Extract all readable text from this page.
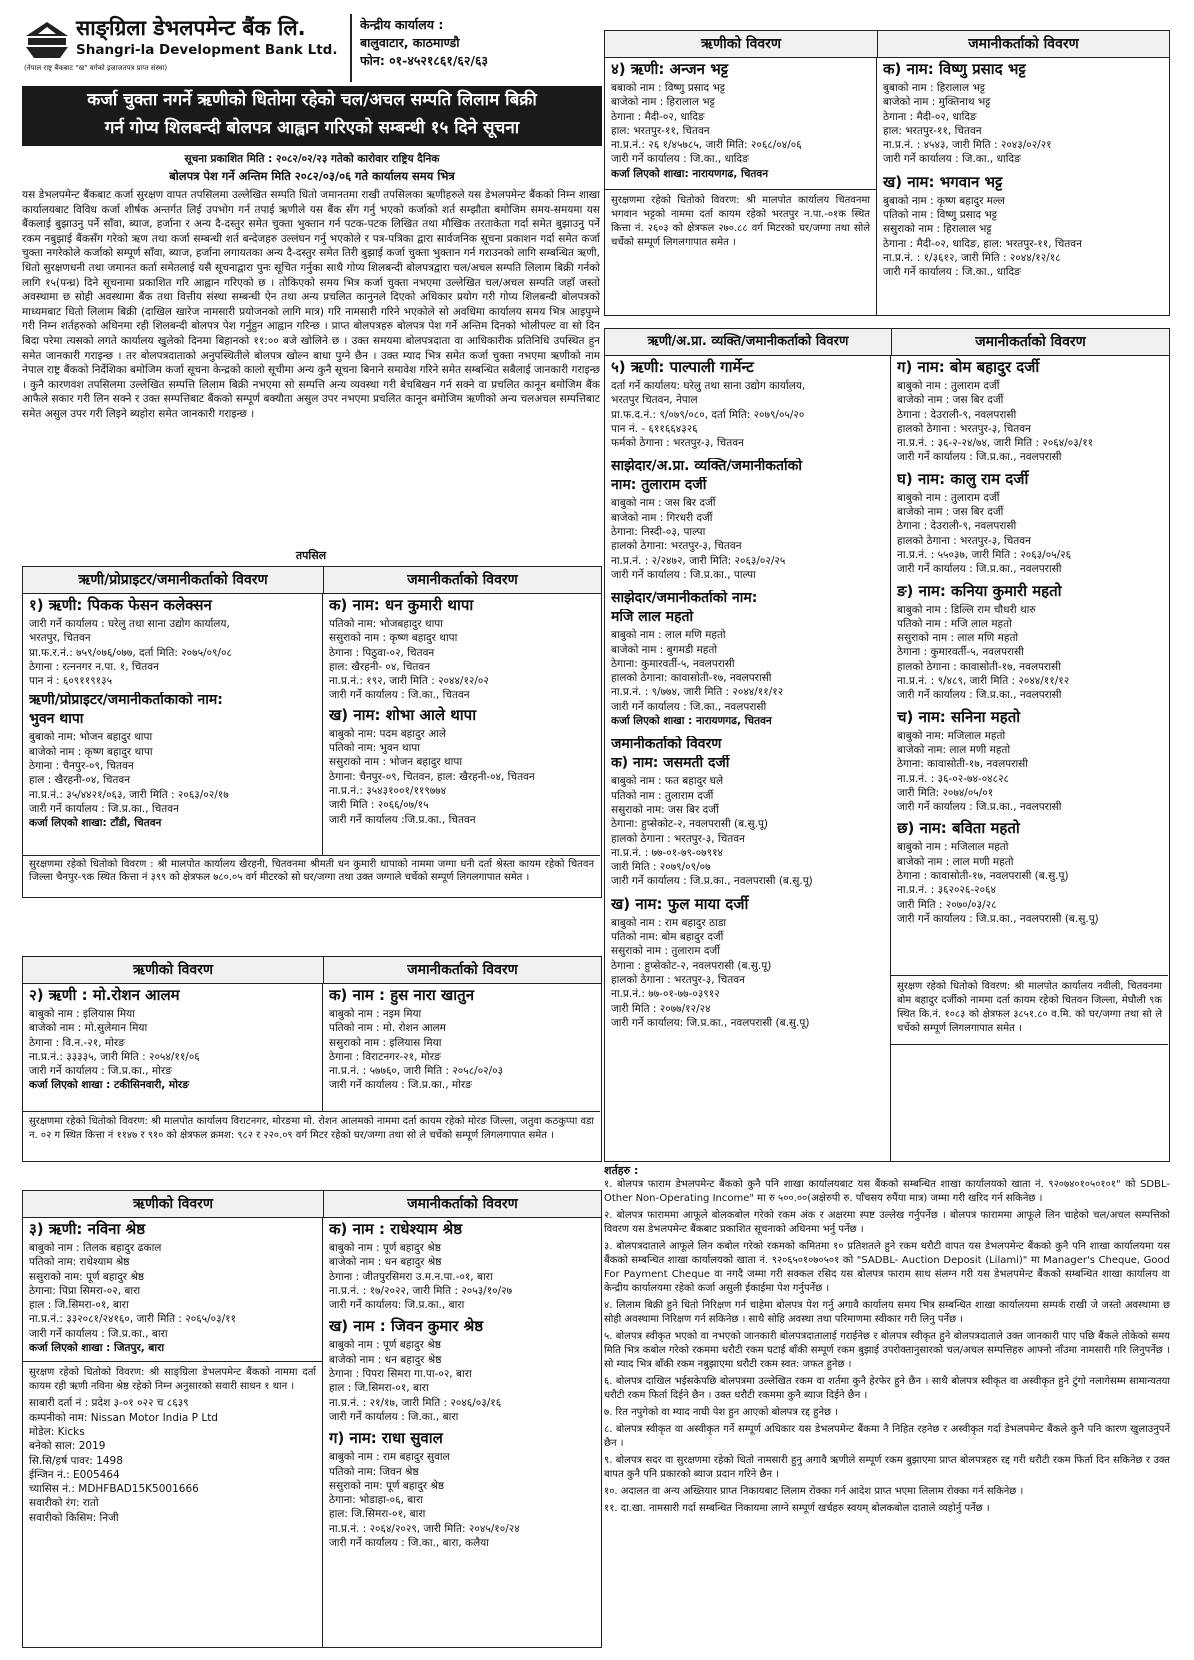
साङ्ग्रिला डेभलपमेन्ट बैंक लि.
Shangri-la Development Bank Ltd.
(नेपाल राष्ट्र बैंकबाट "ख" वर्गको इजाजतपत्र प्राप्त संस्था)
केन्द्रीय कार्यालय :
बालुवाटार, काठमाण्डौ
फोन: ०१-४५२१८६१/६२/६३
कर्जा चुक्ता नगर्ने ऋणीको धितोमा रहेको चल/अचल सम्पति लिलाम बिक्री
गर्न गोप्य शिलबन्दी बोलपत्र आह्वान गरिएको सम्बन्धी १५ दिने सूचना
सूचना प्रकाशित मिति : २०८२/०२/२३ गतेको कारोवार राष्ट्रिय दैनिक
बोलपत्र पेश गर्ने अन्तिम मिति २०८२/०३/०६ गते कार्यालय समय भित्र
यस डेभलपमेन्ट बैंकबाट कर्जा सुरक्षण वापत तपसिलमा उल्लेखित सम्पति धितो जमानतमा राखी तपसिलका ऋणीहरुले यस डेभलपमेन्ट बैंकको निम्न शाखा कार्यालयबाट विविध कर्जा शीर्षक अन्तर्गत लिई उपभोग गर्न तपाई ऋणीले यस बैंक सँग गर्नु भएको कर्जाको शर्त सम्झौता बमोजिम समय-समयमा यस बैंकलाई बुझाउनु पर्ने साँवा, ब्याज, हर्जाना र अन्य दै-दस्तुर समेत चुक्ता भुक्तान गर्न पटक-पटक लिखित तथा मौखिक तरताकेता गर्दा समेत बुझाउनु पर्ने रकम नबुझाई बैंकसँग गरेको ऋण तथा कर्जा सम्बन्धी शर्त बन्देजहरु उल्लंघन गर्नु भएकोले र पत्र-पत्रिका द्वारा सार्वजनिक सूचना प्रकाशन गर्दा समेत कर्जा चुक्ता नगरेकोले कर्जाको सम्पूर्ण साँवा, ब्याज, हर्जाना लगायतका अन्य दै-दस्तुर समेत तिरी बुझाई कर्जा चुक्ता भुक्तान गर्न गराउनको लागि सम्बन्धित ऋणी, धितो सुरक्षणधनी तथा जमानत कर्ता समेतलाई यसै सूचनाद्वारा पुनः सूचित गर्नुका साथै गोप्य शिलबन्दी बोलपत्रद्वारा चल/अचल सम्पति लिलाम बिक्री गर्नको लागि १५(पन्ध्र) दिने सूचनामा प्रकाशित गरि आह्वान गरिएको छ । तोकिएको समय भित्र कर्जा चुक्ता नभएमा उल्लेखित चल/अचल सम्पति जहाँ जस्तो अवस्थामा छ सोही अवस्थामा बैंक तथा वित्तीय संस्था सम्बन्धी ऐन तथा अन्य प्रचलित कानुनले दिएको अधिकार प्रयोग गरी गोप्य शिलबन्दी बोलपत्रको माध्यमबाट धितो लिलाम बिक्री (दाखिल खारेज नामसारी प्रयोजनको लागि मात्र) गरि नामसारी गरिने भएकोले सो अवधिमा कार्यालय समय भित्र आइपुग्ने गरी निम्न शर्तहरुको अधिनमा रही शिलबन्दी बोलपत्र पेश गर्नुहुन आह्वान गरिन्छ । प्राप्त बोलपत्रहरु बोलपत्र पेश गर्ने अन्तिम दिनको भोलीपल्ट वा सो दिन बिदा परेमा त्यसको लगते कार्यालय खुलेको दिनमा बिहानको ११:०० बजे खोलिने छ । उक्त समयमा बोलपत्रदाता वा आधिकारीक प्रतिनिधि उपस्थित हुन समेत जानकारी गराइन्छ । तर बोलपत्रदाताको अनुपस्थितीले बोलपत्र खोल्न बाधा पुग्ने छैन । उक्त म्याद भित्र समेत कर्जा चुक्ता नभएमा ऋणीको नाम नेपाल राष्ट्र बैंकको निर्देशिका बमोजिम कर्जा सूचना केन्द्रको कालो सूचीमा अन्य कुनै सूचना बिनाने समावेश गरिने समेत सम्बन्धित सबैलाई जानकारी गराइन्छ । कुनै कारणवश तपसिलमा उल्लेखित सम्पत्ति लिलाम बिक्री नभएमा सो सम्पत्ति अन्य व्यवस्था गरी बेचबिखन गर्न सक्ने वा प्रचलित कानून बमोजिम बैंक आफैले सकार गरी लिन सक्ने र उक्त सम्पत्तिबाट बैंकको सम्पूर्ण बक्यौता असुल उपर नभएमा प्रचलित कानून बमोजिम ऋणीको अन्य चलअचल सम्पत्तिबाट समेत असुल उपर गरी लिइने ब्यहोरा समेत जानकारी गराइन्छ ।
तपसिल
ऋणी/प्रोप्राइटर/जमानीकर्ताको विवरण	जमानीकर्ताको विवरण
१) ऋणी: पिकक फेसन कलेक्सन
जारी गर्ने कार्यालय : घरेलु तथा साना उद्योग कार्यालय,
भरतपुर, चितवन
प्रा.फ.र.नं.: ७५९/०७६/०७७, दर्ता मिति: २०७५/०९/०८
ठेगाना : रत्ननगर न.पा. १, चितवन
पान नं : ६०९११९१३५
ऋणी/प्रोप्राइटर/जमानीकर्ताकाको नाम:
भुवन थापा
बुबाको नाम: भोजन बहादुर थापा
बाजेको नाम : कृष्ण बहादुर थापा
ठेगाना : चैनपुर-०९, चितवन
हाल : खैरहनी-०४, चितवन
ना.प्र.नं.: ३५/४४२१/०६३, जारी मिति : २०६३/०२/१७
जारी गर्ने कार्यालय : जि.प्र.का., चितवन
कर्जा लिएको शाखा: टाँडी, चितवन
क) नाम: धन कुमारी थापा
पतिको नाम: भोजबहादुर थापा
ससुराको नाम : कृष्ण बहादुर थापा
ठेगाना : पिठुवा-०२, चितवन
हाल: खैरहनी- ०४, चितवन
ना.प्र.नं.: १९२, जारी मिति : २०४४/१२/०२
जारी गर्ने कार्यालय : जि.का., चितवन
ख) नाम: शोभा आले थापा
बाबुको नाम: पदम बहादुर आले
पतिको नाम: भुवन थापा
ससुराको नाम : भोजन बहादुर थापा
ठेगाना: चैनपुर-०९, चितवन, हाल: खैरहनी-०४, चितवन
ना.प्र.नं.: ३५४३१००१/११९७७४
जारी मिति : २०६६/०७/१५
जारी गर्ने कार्यालय :जि.प्र.का., चितवन
सुरक्षणमा रहेको धितोको विवरण : श्री मालपोत कार्यालय खैरहनी, चितवनमा श्रीमती धन कुमारी थापाको नाममा जग्गा धनी दर्ता श्रेस्ता कायम रहेको चितवन जिल्ला चैनपुर-९क स्थित कित्ता नं ३९९ को क्षेत्रफल ७८०.०५ वर्ग मीटरको सो घर/जग्गा तथा उक्त जग्गाले चर्चेको सम्पूर्ण लिगलगापात समेत ।
ऋणीको विवरण	जमानीकर्ताको विवरण
२) ऋणी : मो.रोशन आलम
बाबुको नाम : इलियास मिया
बाजेको नाम : मो.सुलेमान मिया
ठेगाना : वि.न.-२१, मोरङ
ना.प्र.नं.: ३३३३५, जारी मिति : २०५४/११/०६
जारी गर्ने कार्यालय : जि.प्र.का., मोरङ
कर्जा लिएको शाखा : टकीसिनवारी, मोरङ
क) नाम : हुस नारा खातुन
बाबुको नाम : नइम मिया
पतिको नाम : मो. रोशन आलम
ससुराको नाम : इलियास मिया
ठेगाना : विराटनगर-२१, मोरङ
ना.प्र.नं. : ५७७६०, जारी मिति : २०५८/०२/०३
जारी गर्ने कार्यालय : जि.प्र.का., मोरङ
सुरक्षणमा रहेको धितोको विवरण: श्री मालपोत कार्यालय विराटनगर, मोरङमा मो. रोशन आलमको नाममा दर्ता कायम रहेको मोरङ जिल्ला, जतुवा कठकुप्पा वडा न. ०२ ग स्थित कित्ता नं ११४७ र ९१० को क्षेत्रफल क्रमश: ९८२ र २२०.०९ वर्ग मिटर रहेको घर/जग्गा तथा सो ले चर्चेको सम्पूर्ण लिगलगापात समेत ।
ऋणीको विवरण	जमानीकर्ताको विवरण
३) ऋणी: नविना श्रेष्ठ
बाबुको नाम : तिलक बहादुर ढकाल
पतिको नाम: राधेश्याम श्रेष्ठ
ससुराको नाम: पूर्ण बहादुर श्रेष्ठ
ठेगाना: पिप्रा सिमरा-०२, बारा
हाल : जि.सिमरा-०१, बारा
ना.प्र.नं.: ३३२०८१/२४१६०, जारी मिति : २०६५/०३/११
जारी गर्ने कार्यालय : जि.प्र.का., बारा
कर्जा लिएको शाखा : जितपुर, बारा
सुरक्षण रहेको धितोको विवरण: श्री साङ्ग्रिला डेभलपमेन्ट बैंकको नाममा दर्ता कायम रही ऋणी नविना श्रेष्ठ रहेको निम्न अनुसारको सवारी साधन १ थान ।
साबारी दर्ता नं : प्रदेश ३-०१ ०२२ च ८६३९
कम्पनीको नाम: Nissan Motor India P Ltd
मोडेल: Kicks
बनेको साल: 2019
सि.सि/हर्ष पावर: 1498
ईन्जिन नं.: E005464
च्यासिस नं.: MDHFBAD15K5001666
सवारीको रंग: रातो
सवारीको किसिम: निजी
क) नाम : राधेश्याम श्रेष्ठ
बाबुको नाम : पूर्ण बहादुर श्रेष्ठ
बाजेको नाम : धन बहादुर श्रेष्ठ
ठेगाना : जीतपुरसिमरा उ.म.न.पा.-०१, बारा
ना.प्र.नं. : १७/२०२२, जारी मिति : २०५३/१०/२७
जारी गर्ने कार्यालय: जि.प्र.का., बारा
ख) नाम : जिवन कुमार श्रेष्ठ
बाबुको नाम : पूर्ण बहादुर श्रेष्ठ
बाजेको नाम : धन बहादुर श्रेष्ठ
ठेगाना : पिपरा सिमरा गा.पा-०२, बारा
हाल : जि.सिमरा-०१, बारा
ना.प्र.नं. : २१/१७, जारी मिति : २०४६/०३/१६
जारी गर्ने कार्यालय : जि.का., बारा
ग) नाम: राधा सुवाल
बाबुको नाम : राम बहादुर सुवाल
पतिको नाम: जिवन श्रेष्ठ
ससुराको नाम: पूर्ण बहादुर श्रेष्ठ
ठेगाना: भोडाहा-०६, बारा
हाल: जि.सिमरा-०१, बारा
ना.प्र.नं. : २०६४/२०२९, जारी मिति: २०४५/१०/२४
जारी गर्ने कार्यालय : जि.का., बारा, कलैया
ऋणीको विवरण	जमानीकर्ताको विवरण
४) ऋणी: अन्जन भट्ट
बबाको नाम : विष्णु प्रसाद भट्ट
बाजेको नाम : हिरालाल भट्ट
ठेगाना : मैदी-०२, धादिङ
हाल: भरतपुर-११, चितवन
ना.प्र.नं.: २६ १/४५७८५, जारी मिति: २०६८/०४/०६
जारी गर्ने कार्यालय : जि.का., धादिङ
कर्जा लिएको शाखा: नारायणगढ, चितवन
सुरक्षणमा रहेको धितोको विवरण: श्री मालपोत कार्यालय चितवनमा भगवान भट्टको नाममा दर्ता कायम रहेको भरतपुर न.पा.-०१क स्थित कित्ता नं. २६०३ को क्षेत्रफल २७०.८८ वर्ग मिटरको घर/जग्गा तथा सोले चर्चेको सम्पूर्ण लिगलगापात समेत ।
क) नाम: विष्णु प्रसाद भट्ट
बुबाको नाम : हिरालाल भट्ट
बाजेको नाम : मुक्तिनाथ भट्ट
ठेगाना : मैदी-०२, धादिङ
हाल: भरतपुर-११, चितवन
ना.प्र.नं. : ४५४३, जारी मिति : २०४३/०२/२१
जारी गर्ने कार्यालय : जि.का., धादिङ
ख) नाम: भगवान भट्ट
बुबाको नाम : कृष्ण बहादुर मल्ल
पतिको नाम : विष्णु प्रसाद भट्ट
ससुराको नाम : हिरालाल भट्ट
ठेगाना : मैदी-०२, धादिङ, हाल: भरतपुर-११, चितवन
ना.प्र.नं. : १/३६१२, जारी मिति : २०४४/१२/१८
जारी गर्ने कार्यालय : जि.का., धादिङ
ऋणी/अ.प्रा. व्यक्ति/जमानीकर्ताको विवरण	जमानीकर्ताको विवरण
५) ऋणी: पाल्पाली गार्मेन्ट
दर्ता गर्ने कार्यालय: घरेलु तथा साना उद्योग कार्यालय,
भरतपुर चितवन, नेपाल
प्रा.फ.द.नं.: ९/०७९/०८०, दर्ता मिति: २०७९/०५/२०
पान नं. - ६११६६४३२६
फर्मको ठेगाना : भरतपुर-३, चितवन
साझेदार/अ.प्रा. व्यक्ति/जमानीकर्ताको
नाम: तुलाराम दर्जी
बाबुको नाम : जस बिर दर्जी
बाजेको नाम : गिरधरी दर्जी
ठेगाना: निस्दी-०३, पाल्पा
हालको ठेगाना: भरतपुर-३, चितवन
ना.प्र.नं. : २/२४७२, जारी मिति: २०६३/०२/२५
जारी गर्ने कार्यालय : जि.प्र.का., पाल्पा
साझेदार/जमानीकर्ताको नाम:
मजि लाल महतो
बाबुको नाम : लाल मणि महतो
बाजेको नाम : बुगमडी महतो
ठेगाना: कुमारवर्ती-५, नवलपरासी
हालको ठेगाना: कावासोती-१७, नवलपरासी
ना.प्र.नं. : ९/७७४, जारी मिति : २०४४/११/१२
जारी गर्ने कार्यालय : जि.का., नवलपरासी
कर्जा लिएको शाखा : नारायणगढ, चितवन
जमानीकर्ताको विवरण
क) नाम: जसमती दर्जी
बाबुको नाम : फत बहादुर घले
पतिको नाम : तुलाराम दर्जी
ससुराको नाम: जस बिर दर्जी
ठेगाना: हुप्सेकोट-२, नवलपरासी (ब.सु.पू)
हालको ठेगाना : भरतपुर-३, चितवन
ना.प्र.नं. : ७७-०१-७९-०७९१४
जारी मिति : २०७९/०९/०७
जारी गर्ने कार्यालय : जि.प्र.का., नवलपरासी (ब.सु.पू)
ख) नाम: फुल माया दर्जी
बाबुको नाम : राम बहादुर ठाडा
पतिको नाम: बोम बहादुर दर्जी
ससुराको नाम : तुलाराम दर्जी
ठेगाना : हुप्सेकोट-२, नवलपरासी (ब.सु.पू)
हालको ठेगाना : भरतपुर-३, चितवन
ना.प्र.नं.: ७७-०१-७७-०३९१२
जारी मिति : २०७७/१२/२४
जारी गर्ने कार्यालय: जि.प्र.का., नवलपरासी (ब.सु.पू)
ग) नाम: बोम बहादुर दर्जी
बाबुको नाम : तुलाराम दर्जी
बाजेको नाम : जस बिर दर्जी
ठेगाना : देउराली-९, नवलपरासी
हालको ठेगाना : भरतपुर-३, चितवन
ना.प्र.नं. : ३६-२-२४/७४, जारी मिति : २०६४/०३/११
जारी गर्ने कार्यालय : जि.प्र.का., नवलपरासी
घ) नाम: कालु राम दर्जी
बाबुको नाम : तुलाराम दर्जी
बाजेको नाम : जस बिर दर्जी
ठेगाना : देउराली-९, नवलपरासी
हालको ठेगाना : भरतपुर-३, चितवन
ना.प्र.नं. : ५५०३७, जारी मिति : २०६३/०५/२६
जारी गर्ने कार्यालय : जि.प्र.का., नवलपरासी
ङ) नाम: कनिया कुमारी महतो
बाबुको नाम : डिल्लि राम चौधरी थारु
पतिको नाम : मजि लाल महतो
ससुराको नाम : लाल मणि महतो
ठेगाना : कुमारवर्ती-५, नवलपरासी
हालको ठेगाना : कावासोती-१७, नवलपरासी
ना.प्र.नं. : ९/४८९, जारी मिति : २०४४/११/१२
जारी गर्ने कार्यालय : जि.प्र.का., नवलपरासी
च) नाम: सनिना महतो
बाबुको नाम: मजिलाल महतो
बाजेको नाम: लाल मणी महतो
ठेगाना: कावासोती-१७, नवलपरासी
ना.प्र.नं. : ३६-०२-७४-०४८२८
जारी मिति: २०७४/०५/०१
जारी गर्ने कार्यालय : जि.प्र.का., नवलपरासी
छ) नाम: बविता महतो
बाबुको नाम : मजिलाल महतो
बाजेको नाम : लाल मणी महतो
ठेगाना : कावासोती-१७, नवलपरासी (ब.सु.पू)
ना.प्र.नं. : ३६२०२६-२०६४
जारी मिति : २०७०/०३/२८
जारी गर्ने कार्यालय : जि.प्र.का., नवलपरासी (ब.सु.पू)
सुरक्षण रहेको धितोको विवरण: श्री मालपोत कार्यालय नवीली, चितवनमा बोम बहादुर दर्जीको नाममा दर्ता कायम रहेको चितवन जिल्ला, मेघौली ९क स्थित कि.नं. १०८३ को क्षेत्रफल ३८५१.८० व.मि. को घर/जग्गा तथा सो ले चर्चेको सम्पूर्ण लिगलगापात समेत ।
शर्तहरु :
१. बोलपत्र फाराम डेभलपमेन्ट बैंकको कुनै पनि शाखा कार्यालयबाट यस बैंकको सम्बन्धित शाखा कार्यालयको खाता नं. ९२०७४०१०५०१०१" को SDBL- Other Non-Operating Income" मा रु ५००.००(अक्षेरुपी रु. पाँचसय रुपैंया मात्र) जम्मा गरी खरिद गर्न सकिनेछ ।
२. बोलपत्र फाराममा आफूले बोलकबोल गरेको रकम अंक र अक्षरमा स्पष्ट उल्लेख गर्नुपर्नेछ । बोलपत्र फाराममा आफूले लिन चाहेको चल/अचल सम्पत्तिको विवरण यस डेभलपमेन्ट बैंकबाट प्रकाशित सूचनाको अधिनमा भर्नु पर्नेछ ।
३. बोलपत्रदाताले आफूले लिन कबोल गरेको रकमको कमितमा १० प्रतिशतले हुने रकम धरौटी वापत यस डेभलपमेन्ट बैंकको कुनै पनि शाखा कार्यालयमा यस बैंकको सम्बन्धित शाखा कार्यालयको खाता नं. ९२०६५०१०७०५०१ को "SADBL- Auction Deposit (Lilami)" मा Manager's Cheque, Good For Payment Cheque वा नगदै जम्मा गरी सक्कल रसिद यस बोलपत्र फाराम साथ संलग्न गरी यस डेभलपमेन्ट बैंकको सम्बन्धित शाखा कार्यालय वा केन्द्रीय कार्यालयमा रहेको कर्जा असुली ईकाईमा पेश गर्नुपर्नेछ ।
४. लिलाम बिक्री हुने धितो निरिक्षण गर्न चाहेमा बोलपत्र पेश गर्नु अगावै कार्यालय समय भित्र सम्बन्धित शाखा कार्यालयमा सम्पर्क राखी जे जस्तो अवस्थामा छ सोही अवस्थामा निरिक्षण गर्न सकिनेछ । साथै सोहि अवस्था तथा परिमाणमा स्वीकार गरी लिनु पर्नेछ ।
५. बोलपत्र स्वीकृत भएको वा नभएको जानकारी बोलपत्रदातालाई गराईनेछ र बोलपत्र स्वीकृत हुने बोलपत्रदाताले उक्त जानकारी पाए पछि बैंकले तोकेको समय मिति भित्र कबोल गरेको रकममा धरौटी रकम घटाई बाँकी सम्पूर्ण रकम बुझाई उपरोक्तानुसारको चल/अचल सम्पत्तिहरु आफ्नो नाँउमा नामसारी गरि लिनुपर्नेछ । सो म्याद भित्र बाँकी रकम नबुझाएमा धरौटी रकम स्वत: जफत हुनेछ ।
६. बोलपत्र दाखिल भईसकेपछि बोलपत्रमा उल्लेखित रकम वा शर्तमा कुनै हेरफेर हुने छैन । साथै बोलपत्र स्वीकृत वा अस्वीकृत हुने टुंगो नलागेसम्म सामान्यतया धरौटी रकम फिर्ता दिईने छैन । उक्त धरौटी रकममा कुनै ब्याज दिईने छैन ।
७. रित नपुगेको वा म्याद नाघी पेश हुन आएको बोलपत्र रद्द हुनेछ ।
८. बोलपत्र स्वीकृत वा अस्वीकृत गर्ने सम्पूर्ण अधिकार यस डेभलपमेन्ट बैंकमा नै निहित रहनेछ र अस्वीकृत गर्दा डेभलपमेन्ट बैंकले कुनै पनि कारण खुलाउनुपर्ने छैन ।
९. बोलपत्र सदर वा सुरक्षणमा रहेको धितो नामसारी हुनु अगावै ऋणीले सम्पूर्ण रकम बुझाएमा प्राप्त बोलपत्रहरु रद्द गरी धरौटी रकम फिर्ता दिन सकिनेछ र उक्त बापत कुनै पनि प्रकारको ब्याज प्रदान गरिने छैन ।
१०. अदालत वा अन्य अख्तियार प्राप्त निकायबाट लिलाम रोक्का गर्न आदेश प्राप्त भएमा लिलाम रोक्का गर्न सकिनेछ ।
११. दा.खा. नामसारी गर्दा सम्बन्धित निकायमा लाग्ने सम्पूर्ण खर्चहरु स्वयम् बोलकबोल दाताले व्यहोर्नु पर्नेछ ।
